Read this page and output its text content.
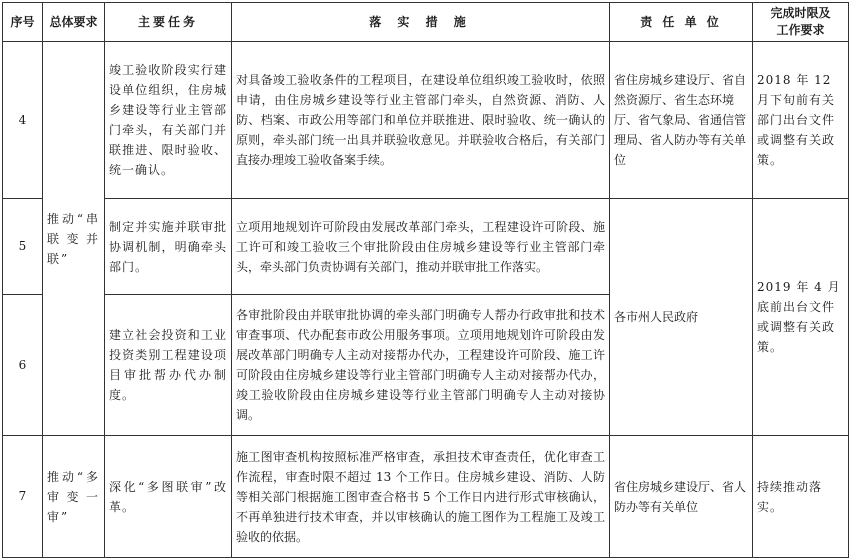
序号	总体要求	主要任务	落 实 措 施	责 任 单 位	完成时限及
工作要求
4	推动“串联变并联”	竣工验收阶段实行建设单位组织，住房城乡建设等行业主管部门牵头，有关部门并联推进、限时验收、统一确认。	对具备竣工验收条件的工程项目，在建设单位组织竣工验收时，依照申请，由住房城乡建设等行业主管部门牵头，自然资源、消防、人防、档案、市政公用等部门和单位并联推进、限时验收、统一确认的原则，牵头部门统一出具并联验收意见。并联验收合格后，有关部门直接办理竣工验收备案手续。	省住房城乡建设厅、省自然资源厅、省生态环境厅、省气象局、省通信管理局、省人防办等有关单位	2018 年 12 月下旬前有关部门出台文件或调整有关政策。
5		制定并实施并联审批协调机制，明确牵头部门。	立项用地规划许可阶段由发展改革部门牵头，工程建设许可阶段、施工许可和竣工验收三个审批阶段由住房城乡建设等行业主管部门牵头，牵头部门负责协调有关部门，推动并联审批工作落实。	各市州人民政府	2019 年 4 月底前出台文件或调整有关政策。
6		建立社会投资和工业投资类别工程建设项目审批帮办代办制度。	各审批阶段由并联审批协调的牵头部门明确专人帮办行政审批和技术审查事项、代办配套市政公用服务事项。立项用地规划许可阶段由发展改革部门明确专人主动对接帮办代办，工程建设许可阶段、施工许可阶段由住房城乡建设等行业主管部门明确专人主动对接帮办代办，竣工验收阶段由住房城乡建设等行业主管部门明确专人主动对接协调。		
7	推动“多审变一审”	深化“多图联审”改革。	施工图审查机构按照标准严格审查，承担技术审查责任，优化审查工作流程，审查时限不超过 13 个工作日。住房城乡建设、消防、人防等相关部门根据施工图审查合格书 5 个工作日内进行形式审核确认，不再单独进行技术审查，并以审核确认的施工图作为工程施工及竣工验收的依据。	省住房城乡建设厅、省人防办等有关单位	持续推动落实。
